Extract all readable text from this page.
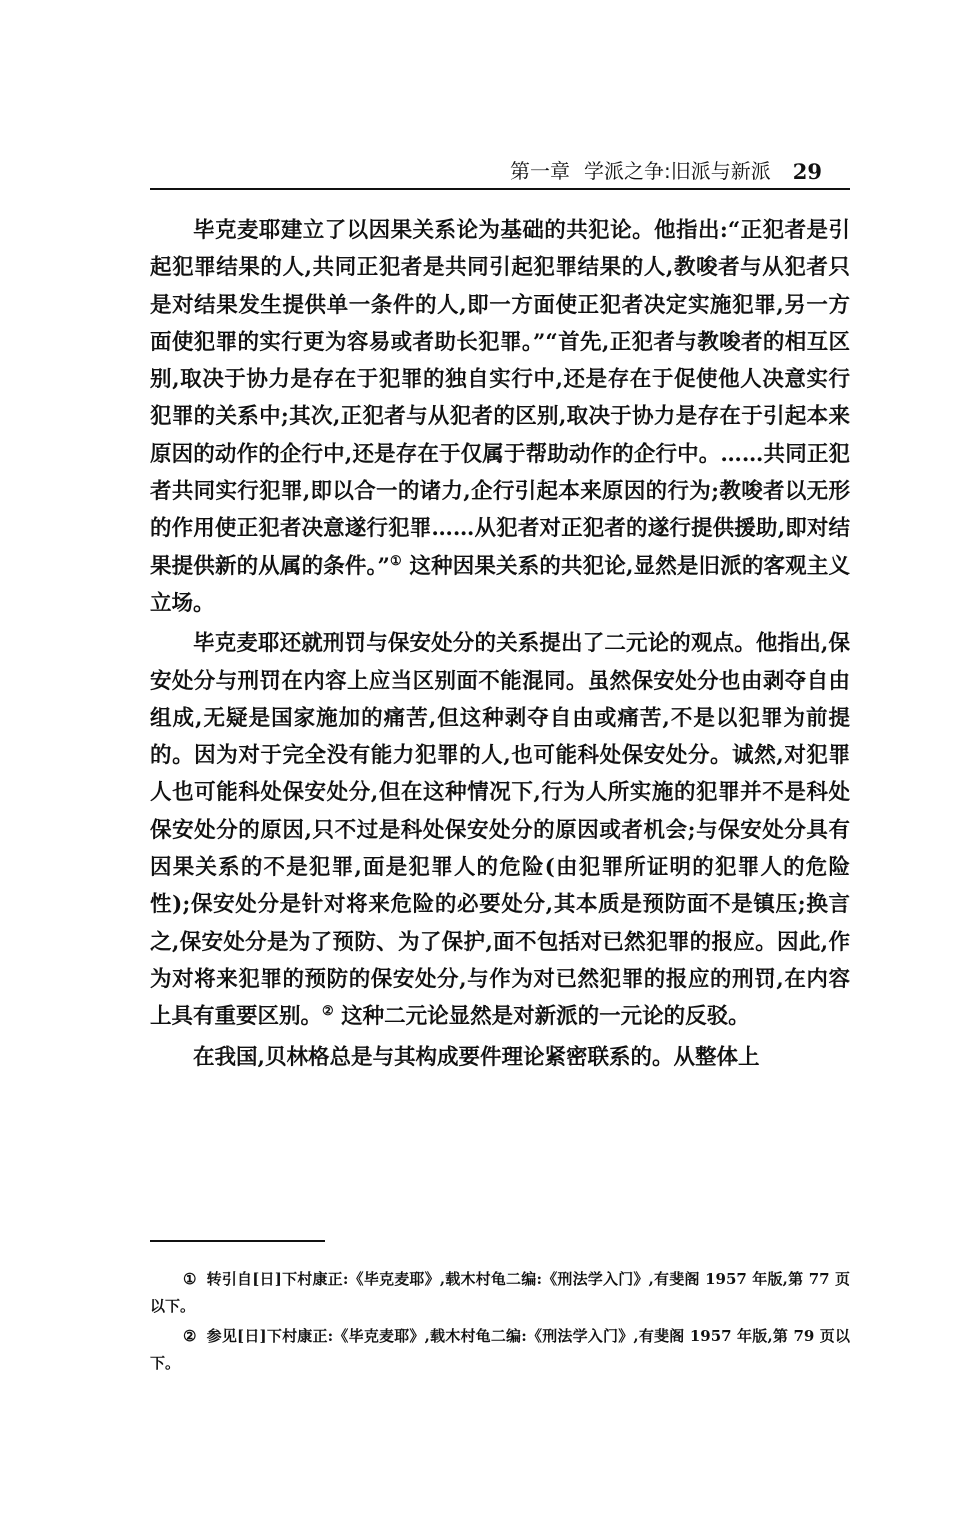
第一章 学派之争:旧派与新派 29

毕克麦耶建立了以因果关系论为基础的共犯论。他指出:“正犯者是引起犯罪结果的人,共同正犯者是共同引起犯罪结果的人,教唆者与从犯者只是对结果发生提供单一条件的人,即一方面使正犯者决定实施犯罪,另一方面使犯罪的实行更为容易或者助长犯罪。”“首先,正犯者与教唆者的相互区别,取决于协力是存在于犯罪的独自实行中,还是存在于促使他人决意实行犯罪的关系中;其次,正犯者与从犯者的区别,取决于协力是存在于引起本来原因的动作的企行中,还是存在于仅属于帮助动作的企行中。……共同正犯者共同实行犯罪,即以合一的诸力,企行引起本来原因的行为;教唆者以无形的作用使正犯者决意遂行犯罪……从犯者对正犯者的遂行提供援助,即对结果提供新的从属的条件。”① 这种因果关系的共犯论,显然是旧派的客观主义立场。

毕克麦耶还就刑罚与保安处分的关系提出了二元论的观点。他指出,保安处分与刑罚在内容上应当区别面不能混同。虽然保安处分也由剥夺自由组成,无疑是国家施加的痛苦,但这种剥夺自由或痛苦,不是以犯罪为前提的。因为对于完全没有能力犯罪的人,也可能科处保安处分。诚然,对犯罪人也可能科处保安处分,但在这种情况下,行为人所实施的犯罪并不是科处保安处分的原因,只不过是科处保安处分的原因或者机会;与保安处分具有因果关系的不是犯罪,面是犯罪人的危险(由犯罪所证明的犯罪人的危险性);保安处分是针对将来危险的必要处分,其本质是预防面不是镇压;换言之,保安处分是为了预防、为了保护,面不包括对已然犯罪的报应。因此,作为对将来犯罪的预防的保安处分,与作为对已然犯罪的报应的刑罚,在内容上具有重要区别。② 这种二元论显然是对新派的一元论的反驳。

在我国,贝林格总是与其构成要件理论紧密联系的。从整体上

① 转引自[日]下村康正:《毕克麦耶》,载木村龟二编:《刑法学入门》,有斐阁 1957 年版,第 77 页以下。

② 参见[日]下村康正:《毕克麦耶》,载木村龟二编:《刑法学入门》,有斐阁 1957 年版,第 79 页以下。
